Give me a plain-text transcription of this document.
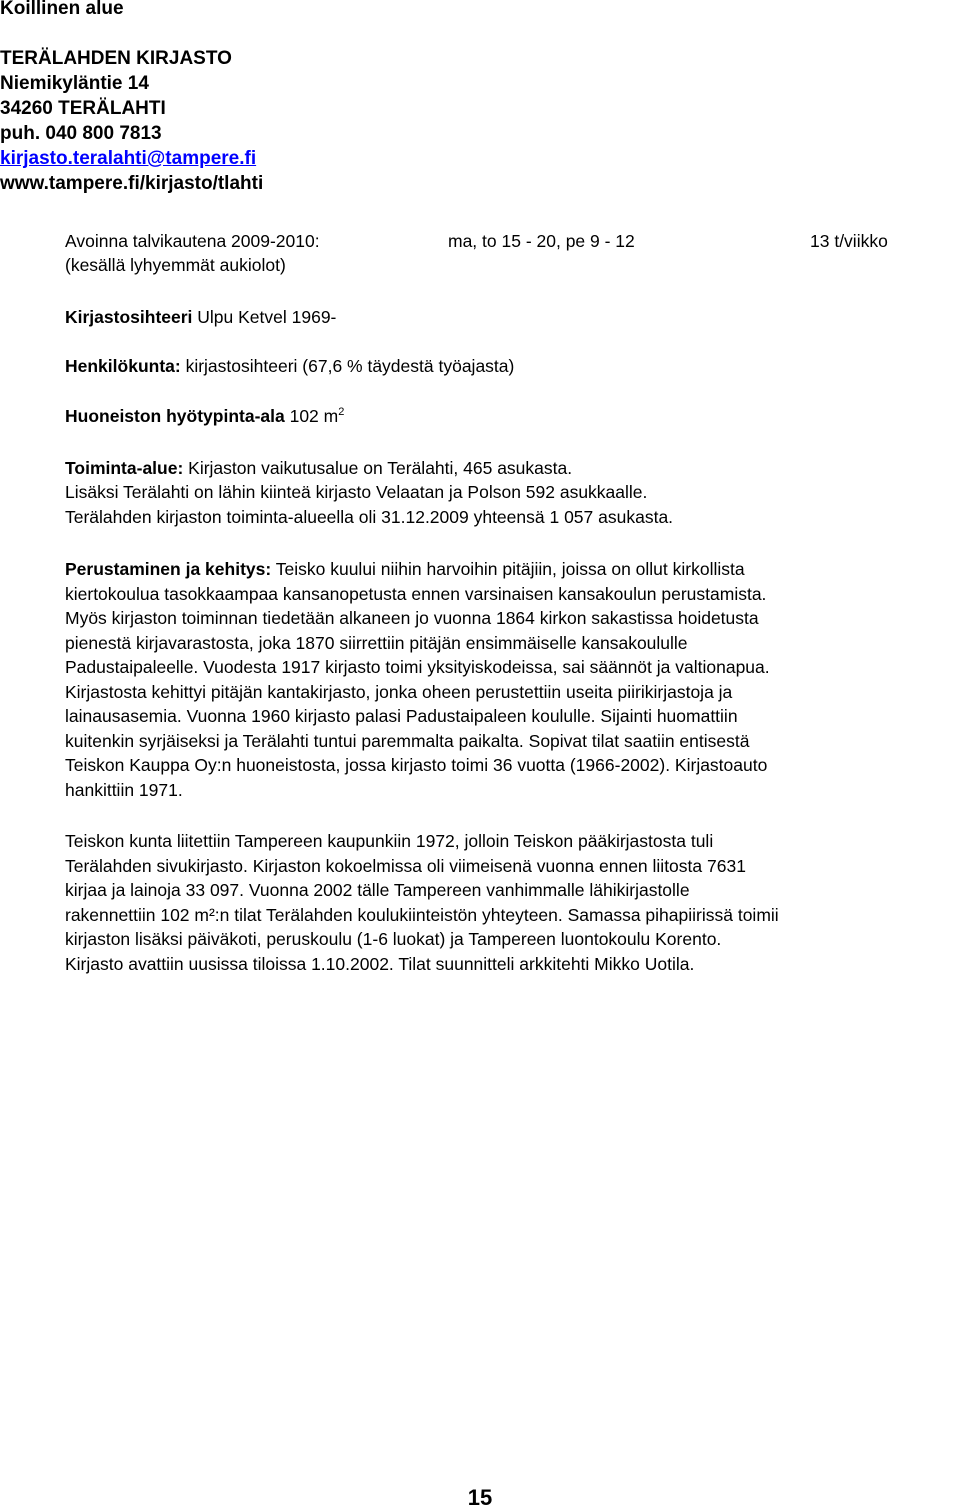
Koillinen alue
TERÄLAHDEN KIRJASTO
Niemikyläntie 14
34260 TERÄLAHTI
puh. 040 800 7813
kirjasto.teralahti@tampere.fi
www.tampere.fi/kirjasto/tlahti
Avoinna talvikautena 2009-2010:	ma, to 15 - 20, pe 9 - 12	13 t/viikko
(kesällä lyhyemmät aukiolot)
Kirjastosihteeri Ulpu Ketvel 1969-
Henkilökunta: kirjastosihteeri (67,6 % täydestä työajasta)
Huoneiston hyötypinta-ala 102 $m^2$
Toiminta-alue: Kirjaston vaikutusalue on Terälahti, 465 asukasta.
Lisäksi Terälahti on lähin kiinteä kirjasto Velaatan ja Polson 592 asukkaalle.
Terälahden kirjaston toiminta-alueella oli 31.12.2009 yhteensä 1 057 asukasta.
Perustaminen ja kehitys: Teisko kuului niihin harvoihin pitäjiin, joissa on ollut kirkollista
kiertokoulua tasokkaampaa kansanopetusta ennen varsinaisen kansakoulun perustamista.
Myös kirjaston toiminnan tiedetään alkaneen jo vuonna 1864 kirkon sakastissa hoidetusta
pienestä kirjavarastosta, joka 1870 siirrettiin pitäjän ensimmäiselle kansakoululle
Padustaipaleelle. Vuodesta 1917 kirjasto toimi yksityiskodeissa, sai säännöt ja valtionapua.
Kirjastosta kehittyi pitäjän kantakirjasto, jonka oheen perustettiin useita piirikirjastoja ja
lainausasemia. Vuonna 1960 kirjasto palasi Padustaipaleen koululle. Sijainti huomattiin
kuitenkin syrjäiseksi ja Terälahti tuntui paremmalta paikalta. Sopivat tilat saatiin entisestä
Teiskon Kauppa Oy:n huoneistosta, jossa kirjasto toimi 36 vuotta (1966-2002). Kirjastoauto
hankittiin 1971.
Teiskon kunta liitettiin Tampereen kaupunkiin 1972, jolloin Teiskon pääkirjastosta tuli
Terälahden sivukirjasto. Kirjaston kokoelmissa oli viimeisenä vuonna ennen liitosta 7631
kirjaa ja lainoja 33 097. Vuonna 2002 tälle Tampereen vanhimmalle lähikirjastolle
rakennettiin 102 m²:n tilat Terälahden koulukiinteistön yhteyteen. Samassa pihapiirissä toimii
kirjaston lisäksi päiväkoti, peruskoulu (1-6 luokat) ja Tampereen luontokoulu Korento.
Kirjasto avattiin uusissa tiloissa 1.10.2002. Tilat suunnitteli arkkitehti Mikko Uotila.
15
